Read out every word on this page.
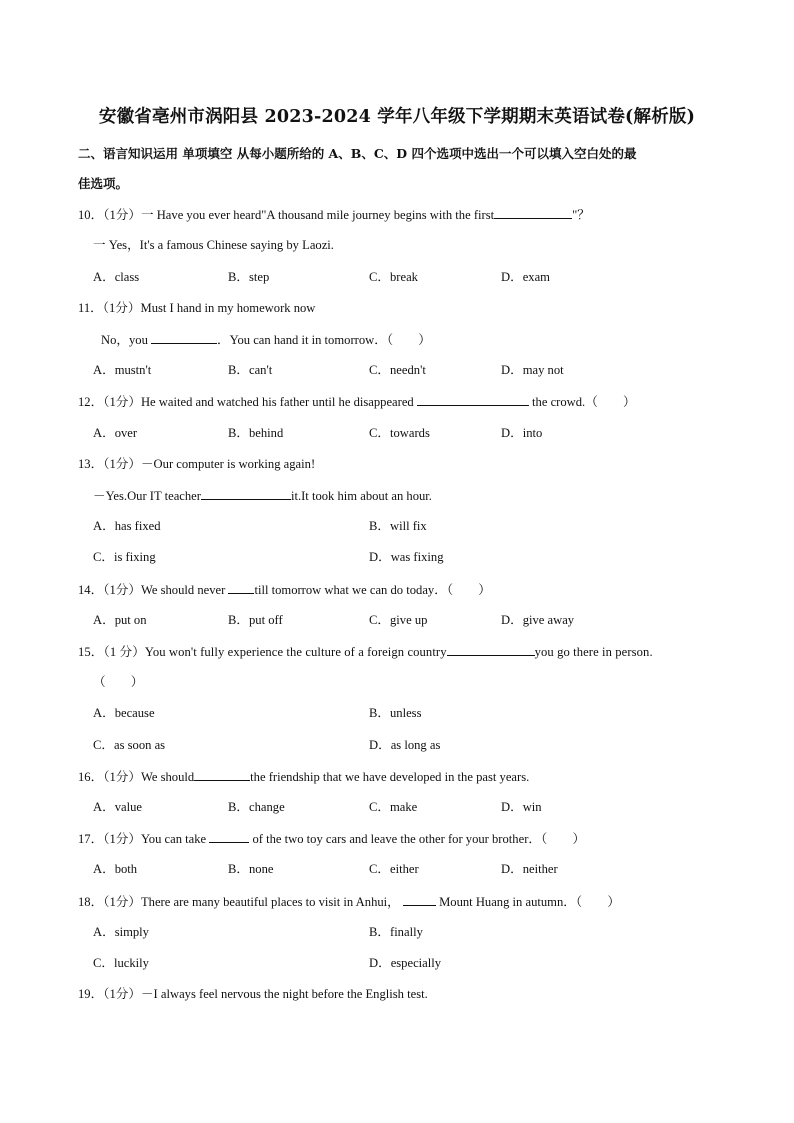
安徽省亳州市涡阳县 2023-2024 学年八年级下学期期末英语试卷(解析版)
二、语言知识运用 单项填空 从每小题所给的 A、B、C、D 四个选项中选出一个可以填入空白处的最
佳选项。
10．（1分）一 Have you ever heard"A thousand mile journey begins with the first	"？
一 Yes，It's a famous Chinese saying by Laozi.
A．class	B．step	C．break	D．exam
11．（1分）Must I hand in my homework now
No，you	．You can hand it in tomorrow．（　　）
A．mustn't	B．can't	C．needn't	D．may not
12．（1分）He waited and watched his father until he disappeared	the crowd.（　　）
A．over	B．behind	C．towards	D．into
13．（1分）－Our computer is working again!
－Yes.Our IT teacher	it.It took him about an hour.
A．has fixed	B．will fix
C．is fixing	D．was fixing
14．（1分）We should never till tomorrow what we can do today．（　　）
A．put on	B．put off	C．give up	D．give away
15．（1 分）You won't fully experience the culture of a foreign country	you go there in person.
（　　）
A．because	B．unless
C．as soon as	D．as long as
16．（1分）We should	the friendship that we have developed in the past years.
A．value	B．change	C．make	D．win
17．（1分）You can take	of the two toy cars and leave the other for your brother．（　　）
A．both	B．none	C．either	D．neither
18．（1分）There are many beautiful places to visit in Anhui，	Mount Huang in autumn．（　　）
A．simply	B．finally
C．luckily	D．especially
19．（1分）－I always feel nervous the night before the English test.
